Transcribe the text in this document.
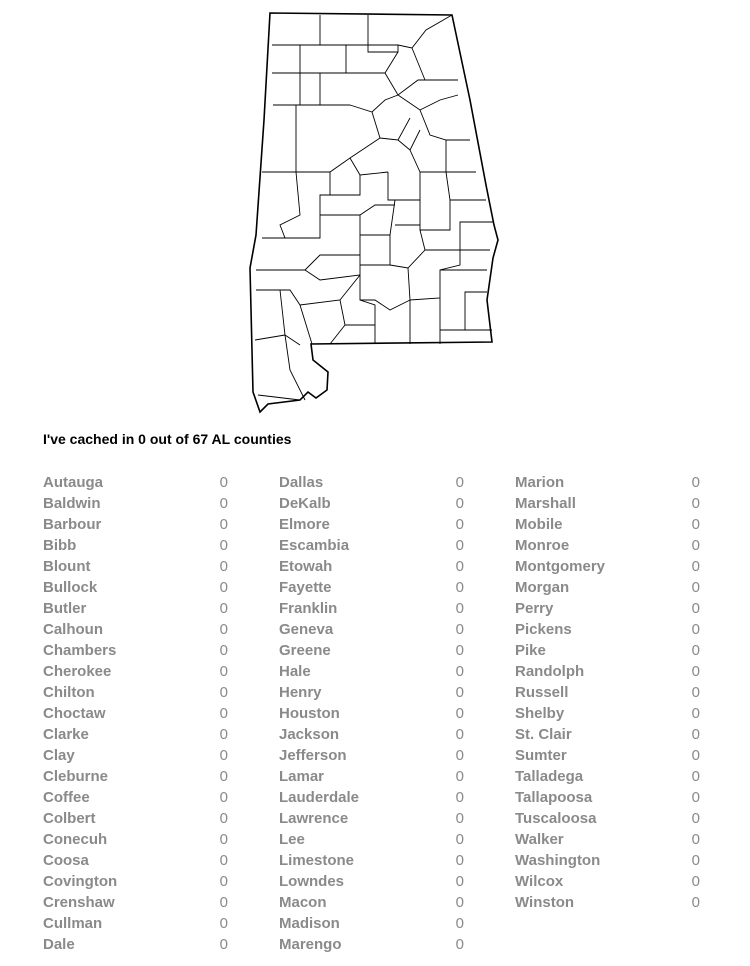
I've cached in 0 out of 67 AL counties
Autauga	0
Baldwin	0
Barbour	0
Bibb	0
Blount	0
Bullock	0
Butler	0
Calhoun	0
Chambers	0
Cherokee	0
Chilton	0
Choctaw	0
Clarke	0
Clay	0
Cleburne	0
Coffee	0
Colbert	0
Conecuh	0
Coosa	0
Covington	0
Crenshaw	0
Cullman	0
Dale	0
Dallas	0
DeKalb	0
Elmore	0
Escambia	0
Etowah	0
Fayette	0
Franklin	0
Geneva	0
Greene	0
Hale	0
Henry	0
Houston	0
Jackson	0
Jefferson	0
Lamar	0
Lauderdale	0
Lawrence	0
Lee	0
Limestone	0
Lowndes	0
Macon	0
Madison	0
Marengo	0
Marion	0
Marshall	0
Mobile	0
Monroe	0
Montgomery	0
Morgan	0
Perry	0
Pickens	0
Pike	0
Randolph	0
Russell	0
Shelby	0
St. Clair	0
Sumter	0
Talladega	0
Tallapoosa	0
Tuscaloosa	0
Walker	0
Washington	0
Wilcox	0
Winston	0
